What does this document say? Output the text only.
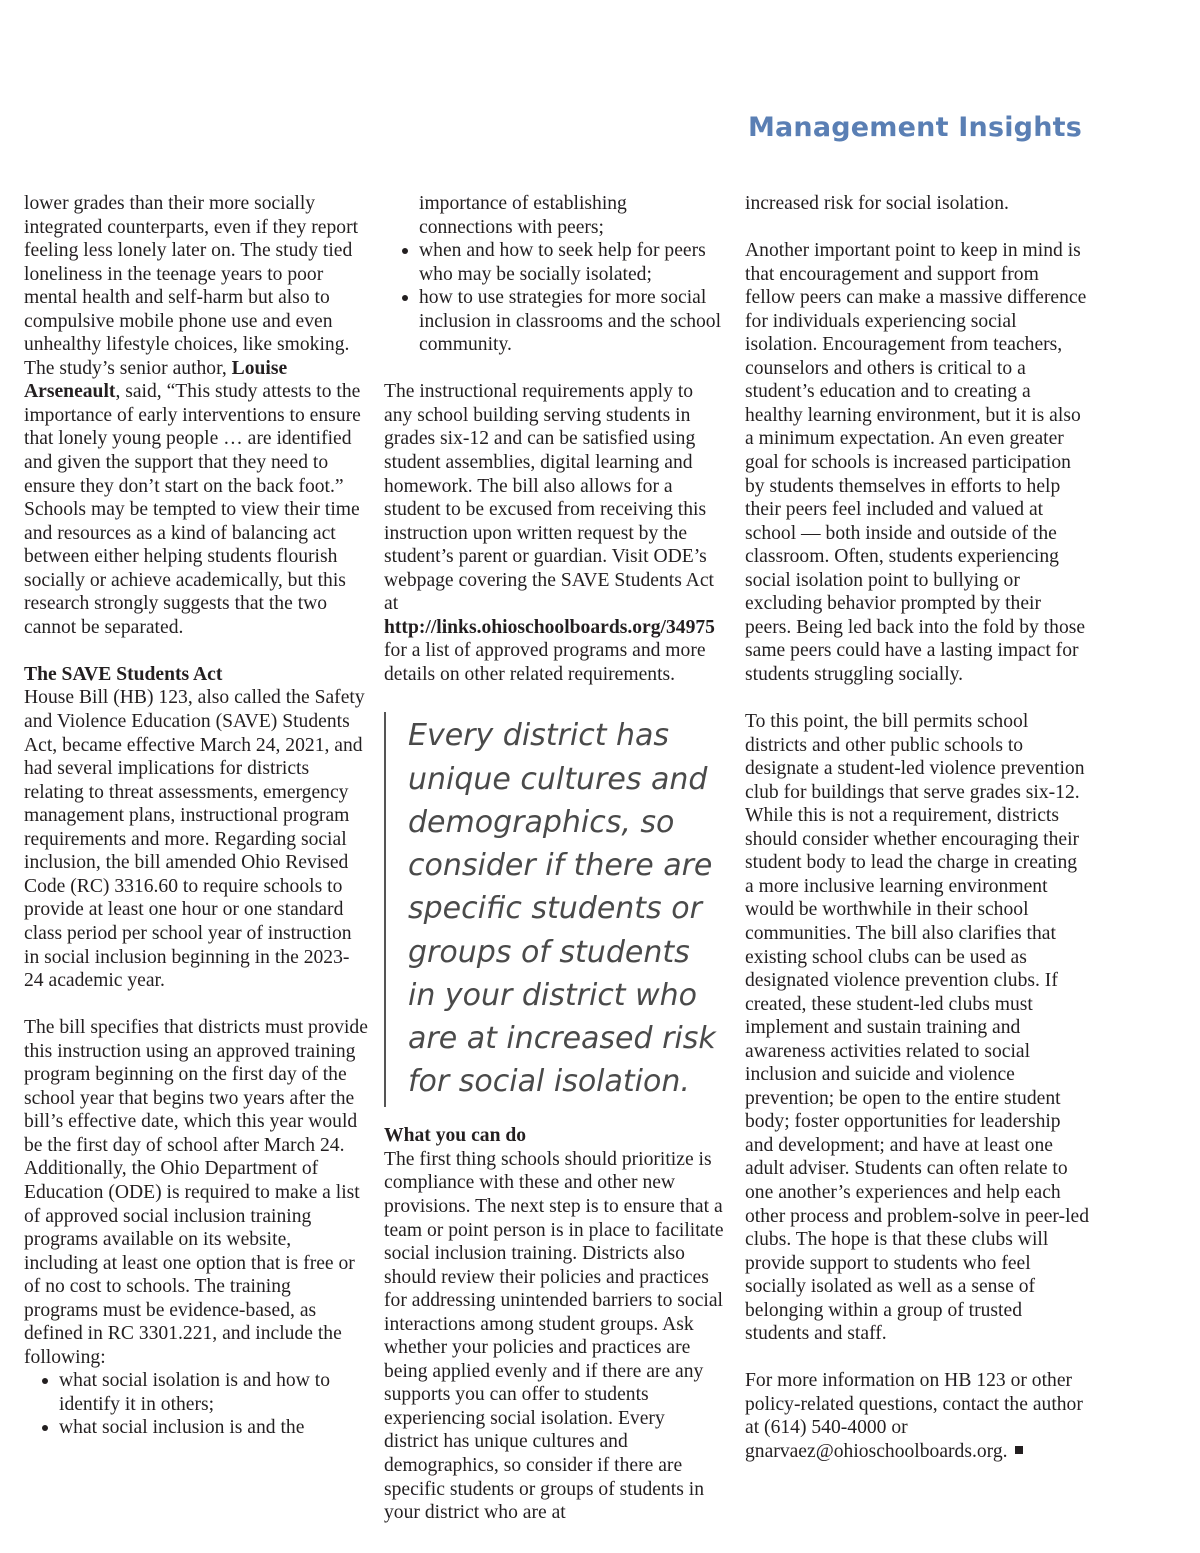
Management Insights

lower grades than their more socially integrated counterparts, even if they report feeling less lonely later on. The study tied loneliness in the teenage years to poor mental health and self-harm but also to compulsive mobile phone use and even unhealthy lifestyle choices, like smoking. The study’s senior author, Louise Arseneault, said, “This study attests to the importance of early interventions to ensure that lonely young people … are identified and given the support that they need to ensure they don’t start on the back foot.” Schools may be tempted to view their time and resources as a kind of balancing act between either helping students flourish socially or achieve academically, but this research strongly suggests that the two cannot be separated.

The SAVE Students Act

House Bill (HB) 123, also called the Safety and Violence Education (SAVE) Students Act, became effective March 24, 2021, and had several implications for districts relating to threat assessments, emergency management plans, instructional program requirements and more. Regarding social inclusion, the bill amended Ohio Revised Code (RC) 3316.60 to require schools to provide at least one hour or one standard class period per school year of instruction in social inclusion beginning in the 2023-24 academic year.

The bill specifies that districts must provide this instruction using an approved training program beginning on the first day of the school year that begins two years after the bill’s effective date, which this year would be the first day of school after March 24. Additionally, the Ohio Department of Education (ODE) is required to make a list of approved social inclusion training programs available on its website, including at least one option that is free or of no cost to schools. The training programs must be evidence-based, as defined in RC 3301.221, and include the following:

what social isolation is and how to identify it in others;
what social inclusion is and the

importance of establishing connections with peers;

when and how to seek help for peers who may be socially isolated;
how to use strategies for more social inclusion in classrooms and the school community.

The instructional requirements apply to any school building serving students in grades six-12 and can be satisfied using student assemblies, digital learning and homework. The bill also allows for a student to be excused from receiving this instruction upon written request by the student’s parent or guardian. Visit ODE’s webpage covering the SAVE Students Act at http://links.ohioschoolboards.org/34975 for a list of approved programs and more details on other related requirements.

Every district has unique cultures and demographics, so consider if there are specific students or groups of students in your district who are at increased risk for social isolation.
What you can do

The first thing schools should prioritize is compliance with these and other new provisions. The next step is to ensure that a team or point person is in place to facilitate social inclusion training. Districts also should review their policies and practices for addressing unintended barriers to social interactions among student groups. Ask whether your policies and practices are being applied evenly and if there are any supports you can offer to students experiencing social isolation. Every district has unique cultures and demographics, so consider if there are specific students or groups of students in your district who are at

increased risk for social isolation.

Another important point to keep in mind is that encouragement and support from fellow peers can make a massive difference for individuals experiencing social isolation. Encouragement from teachers, counselors and others is critical to a student’s education and to creating a healthy learning environment, but it is also a minimum expectation. An even greater goal for schools is increased participation by students themselves in efforts to help their peers feel included and valued at school — both inside and outside of the classroom. Often, students experiencing social isolation point to bullying or excluding behavior prompted by their peers. Being led back into the fold by those same peers could have a lasting impact for students struggling socially.

To this point, the bill permits school districts and other public schools to designate a student-led violence prevention club for buildings that serve grades six-12. While this is not a requirement, districts should consider whether encouraging their student body to lead the charge in creating a more inclusive learning environment would be worthwhile in their school communities. The bill also clarifies that existing school clubs can be used as designated violence prevention clubs. If created, these student-led clubs must implement and sustain training and awareness activities related to social inclusion and suicide and violence prevention; be open to the entire student body; foster opportunities for leadership and development; and have at least one adult adviser. Students can often relate to one another’s experiences and help each other process and problem-solve in peer-led clubs. The hope is that these clubs will provide support to students who feel socially isolated as well as a sense of belonging within a group of trusted students and staff.

For more information on HB 123 or other policy-related questions, contact the author at (614) 540-4000 or gnarvaez@ohioschoolboards.org.
